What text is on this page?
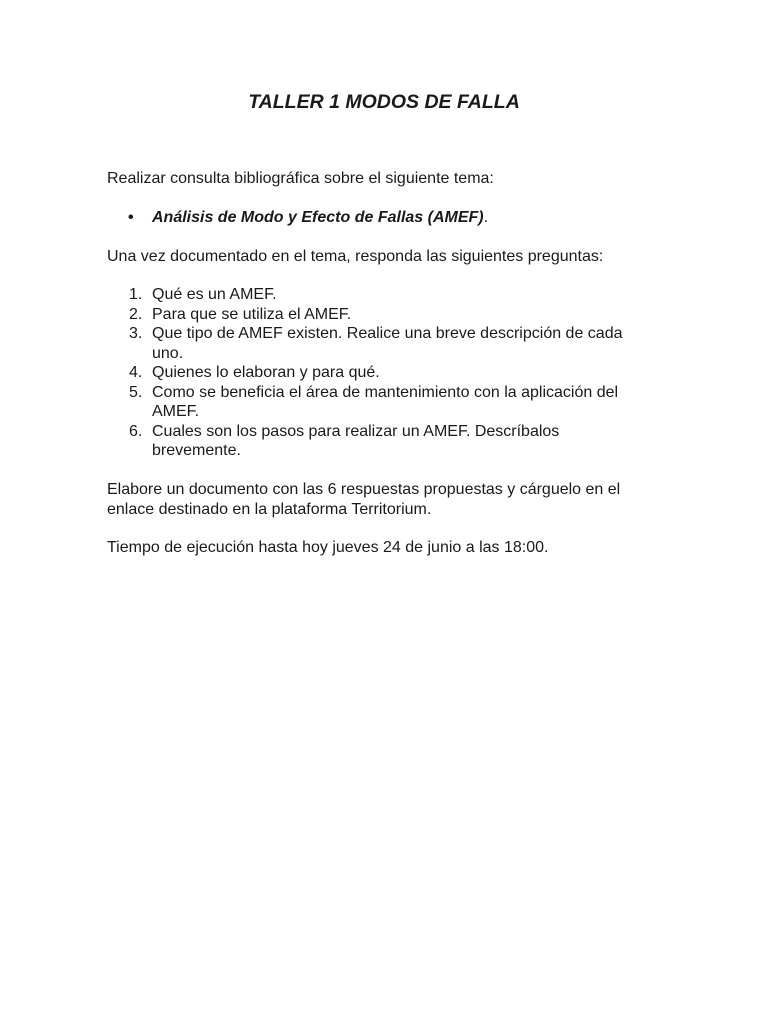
TALLER 1 MODOS DE FALLA

Realizar consulta bibliográfica sobre el siguiente tema:

• Análisis de Modo y Efecto de Fallas (AMEF).

Una vez documentado en el tema, responda las siguientes preguntas:

1. Qué es un AMEF.
2. Para que se utiliza el AMEF.
3. Que tipo de AMEF existen. Realice una breve descripción de cada uno.
4. Quienes lo elaboran y para qué.
5. Como se beneficia el área de mantenimiento con la aplicación del AMEF.
6. Cuales son los pasos para realizar un AMEF. Descríbalos brevemente.

Elabore un documento con las 6 respuestas propuestas y cárguelo en el enlace destinado en la plataforma Territorium.

Tiempo de ejecución hasta hoy jueves 24 de junio a las 18:00.
